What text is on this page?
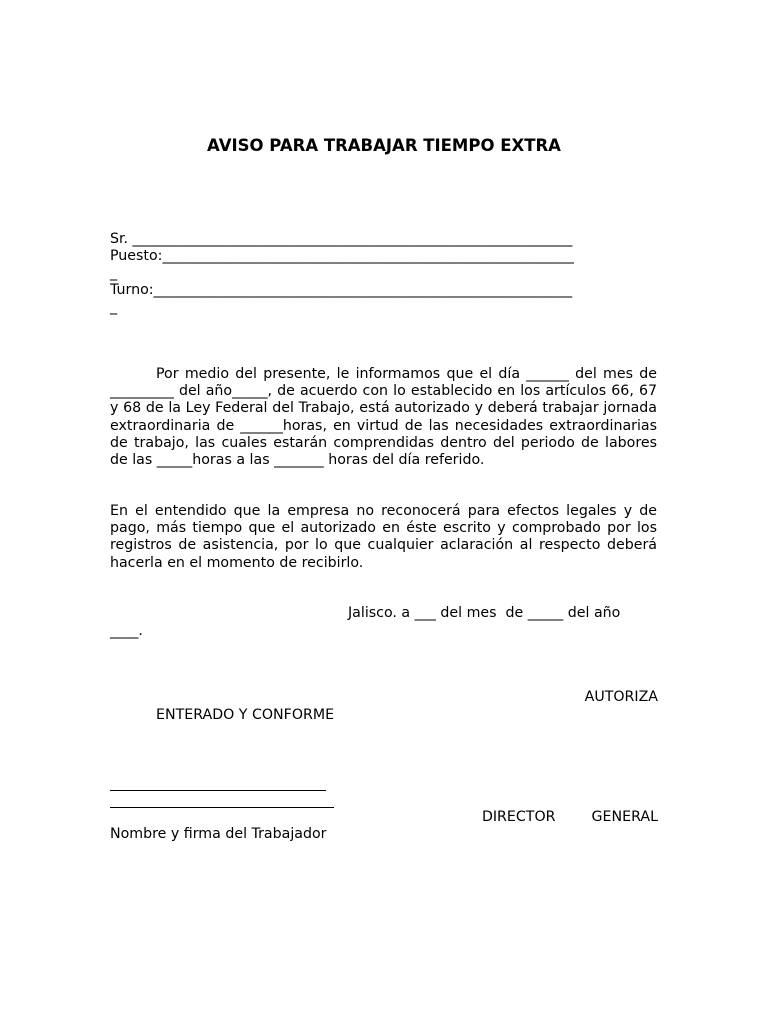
AVISO PARA TRABAJAR TIEMPO EXTRA
Sr. ______________________________________________________________
Puesto:__________________________________________________________
_
Turno:___________________________________________________________
_
Por medio del presente, le informamos que el día ______ del mes de _________ del año_____, de acuerdo con lo establecido en los artículos 66, 67 y 68 de la Ley Federal del Trabajo, está autorizado y deberá trabajar jornada extraordinaria de ______horas, en virtud de las necesidades extraordinarias de trabajo, las cuales estarán comprendidas dentro del periodo de labores de las _____horas a las _______ horas del día referido.
En el entendido que la empresa no reconocerá para efectos legales y de pago, más tiempo que el autorizado en éste escrito y comprobado por los registros de asistencia, por lo que cualquier aclaración al respecto deberá hacerla en el momento de recibirlo.
Jalisco. a ___ del mes  de _____ del año
____.
AUTORIZA
ENTERADO Y CONFORME
DIRECTOR        GENERAL
Nombre y firma del Trabajador
